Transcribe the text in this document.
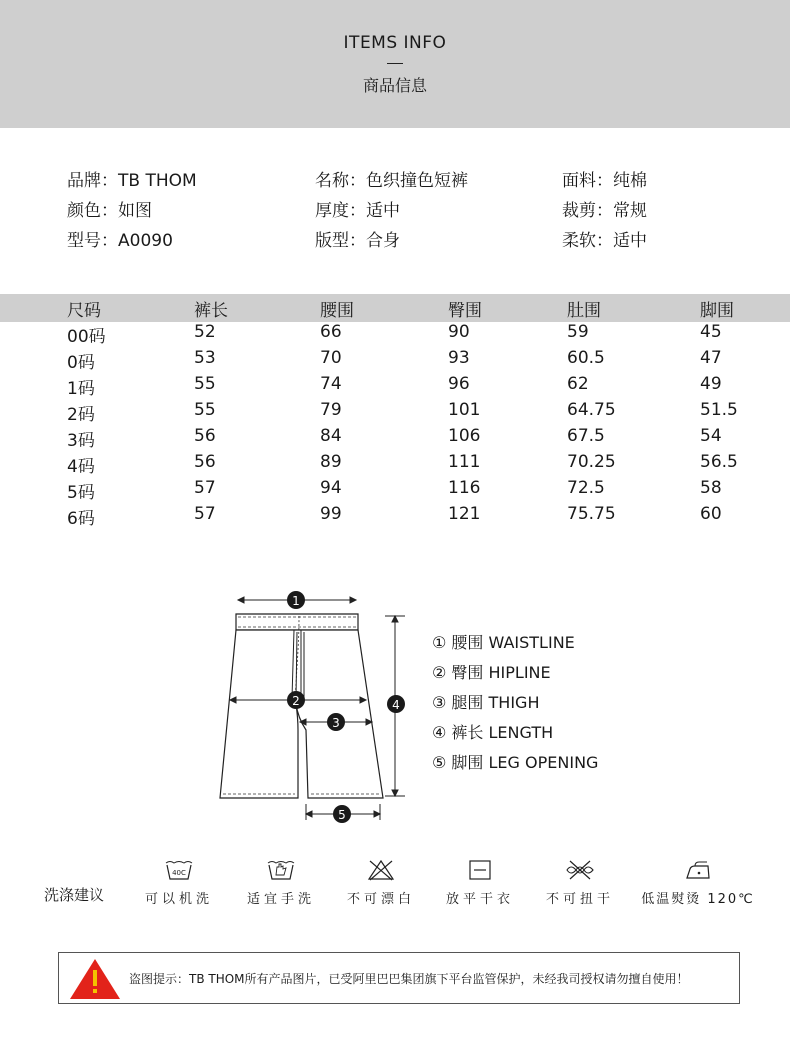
ITEMS INFO
商品信息
品牌：TB THOM	名称：色织撞色短裤	面料：纯棉
颜色：如图	厚度：适中	裁剪：常规
型号：A0090	版型：合身	柔软：适中
尺码	裤长	腰围	臀围	肚围	脚围
00码	52	66	90	59	45
0码	53	70	93	60.5	47
1码	55	74	96	62	49
2码	55	79	101	64.75	51.5
3码	56	84	106	67.5	54
4码	56	89	111	70.25	56.5
5码	57	94	116	72.5	58
6码	57	99	121	75.75	60
1
2
3
4
5
① 腰围 WAISTLINE
② 臀围 HIPLINE
③ 腿围 THIGH
④ 裤长 LENGTH
⑤ 脚围 LEG OPENING
洗涤建议
40C
可以机洗	适宜手洗	不可漂白	放平干衣	不可扭干	低温熨烫 120℃
盗图提示：TB THOM所有产品图片，已受阿里巴巴集团旗下平台监管保护，未经我司授权请勿擅自使用！
